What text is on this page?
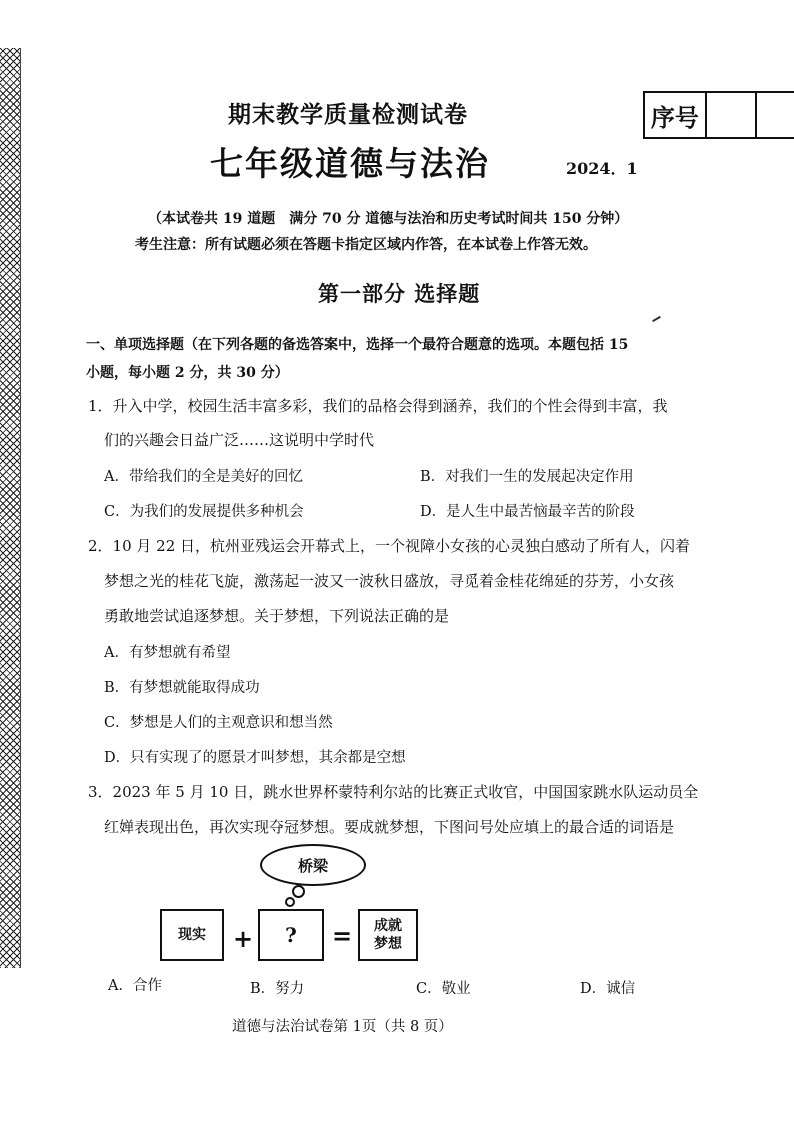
期末教学质量检测试卷
七年级道德与法治	2024．1
序号
（本试卷共 19 道题　满分 70 分 道德与法治和历史考试时间共 150 分钟）
考生注意：所有试题必须在答题卡指定区域内作答，在本试卷上作答无效。
第一部分 选择题
一、单项选择题（在下列各题的备选答案中，选择一个最符合题意的选项。本题包括 15
小题，每小题 2 分，共 30 分）
1．升入中学，校园生活丰富多彩，我们的品格会得到涵养，我们的个性会得到丰富，我
们的兴趣会日益广泛……这说明中学时代
A．带给我们的全是美好的回忆	B．对我们一生的发展起决定作用
C．为我们的发展提供多种机会	D．是人生中最苦恼最辛苦的阶段
2．10 月 22 日，杭州亚残运会开幕式上，一个视障小女孩的心灵独白感动了所有人，闪着
梦想之光的桂花飞旋，激荡起一波又一波秋日盛放，寻觅着金桂花绵延的芬芳，小女孩
勇敢地尝试追逐梦想。关于梦想，下列说法正确的是
A．有梦想就有希望
B．有梦想就能取得成功
C．梦想是人们的主观意识和想当然
D．只有实现了的愿景才叫梦想，其余都是空想
3．2023 年 5 月 10 日，跳水世界杯蒙特利尔站的比赛正式收官，中国国家跳水队运动员全
红婵表现出色，再次实现夺冠梦想。要成就梦想，下图问号处应填上的最合适的词语是
桥梁
现实	+	?	= 成就
梦想
A．合作	B．努力	C．敬业	D．诚信
道德与法治试卷第 1页（共 8 页）
